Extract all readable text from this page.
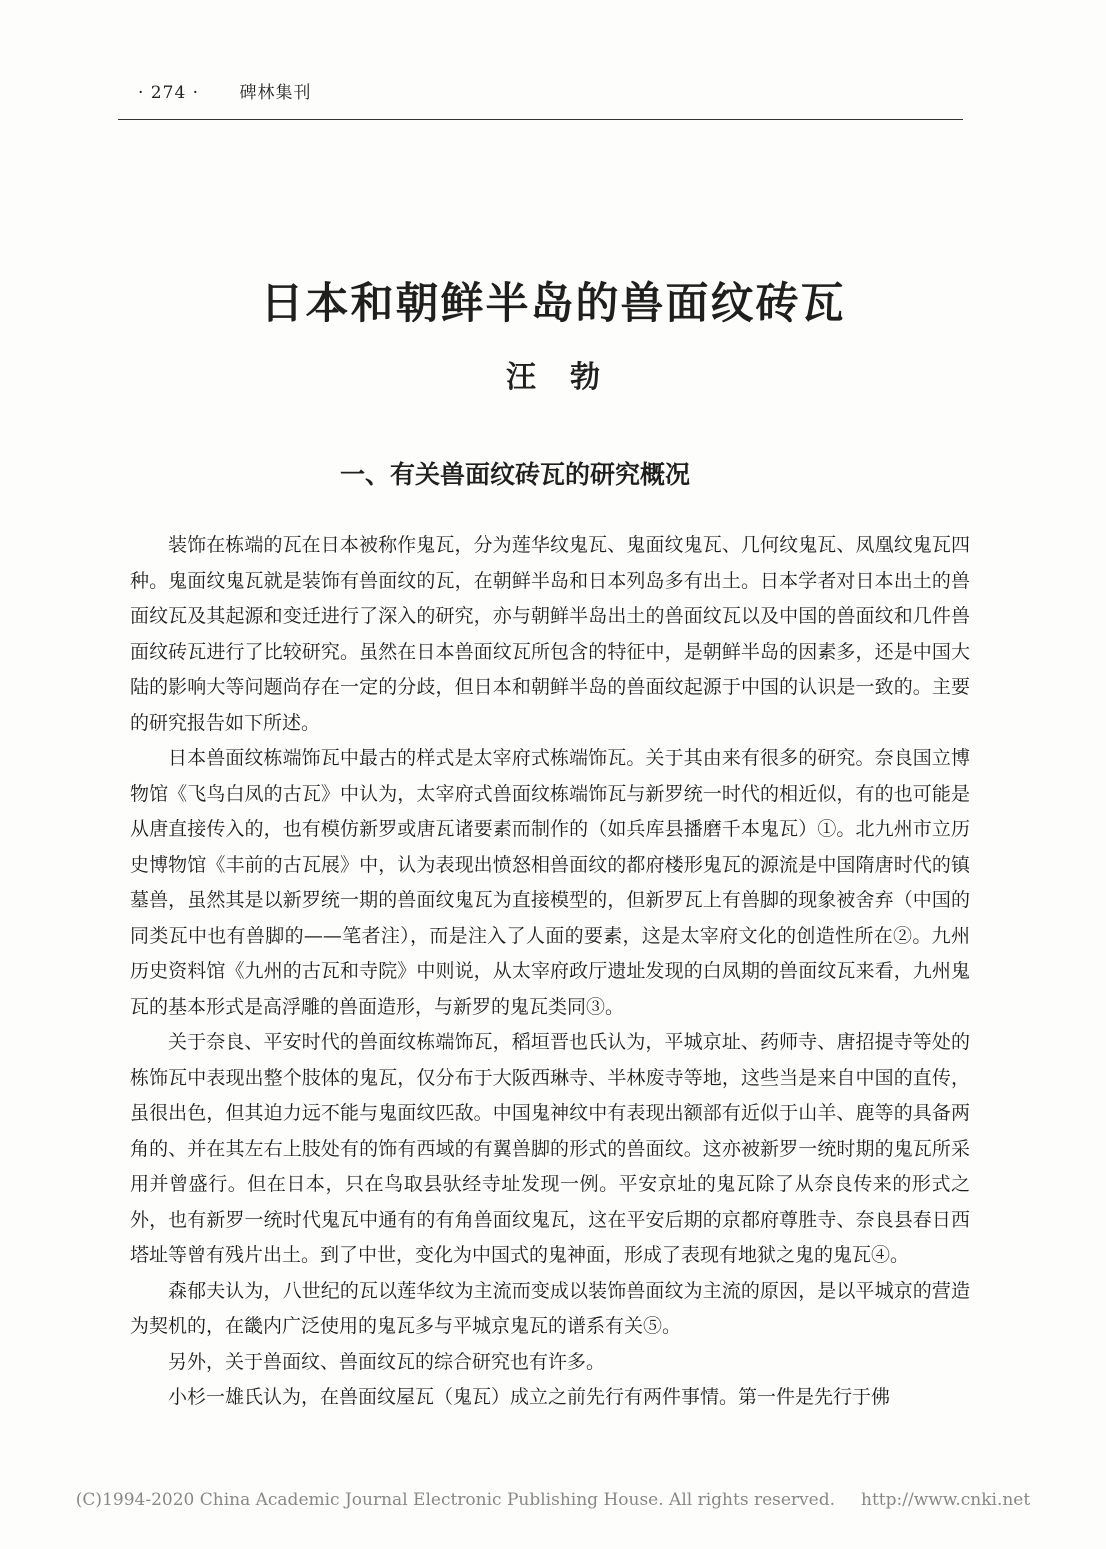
· 274 · 碑林集刊
日本和朝鲜半岛的兽面纹砖瓦
汪勃
一、有关兽面纹砖瓦的研究概况

装饰在栋端的瓦在日本被称作鬼瓦，分为莲华纹鬼瓦、鬼面纹鬼瓦、几何纹鬼瓦、凤凰纹鬼瓦四种。鬼面纹鬼瓦就是装饰有兽面纹的瓦，在朝鲜半岛和日本列岛多有出土。日本学者对日本出土的兽面纹瓦及其起源和变迁进行了深入的研究，亦与朝鲜半岛出土的兽面纹瓦以及中国的兽面纹和几件兽面纹砖瓦进行了比较研究。虽然在日本兽面纹瓦所包含的特征中，是朝鲜半岛的因素多，还是中国大陆的影响大等问题尚存在一定的分歧，但日本和朝鲜半岛的兽面纹起源于中国的认识是一致的。主要的研究报告如下所述。

日本兽面纹栋端饰瓦中最古的样式是太宰府式栋端饰瓦。关于其由来有很多的研究。奈良国立博物馆《飞鸟白凤的古瓦》中认为，太宰府式兽面纹栋端饰瓦与新罗统一时代的相近似，有的也可能是从唐直接传入的，也有模仿新罗或唐瓦诸要素而制作的（如兵库县播磨千本鬼瓦）①。北九州市立历史博物馆《丰前的古瓦展》中，认为表现出愤怒相兽面纹的都府楼形鬼瓦的源流是中国隋唐时代的镇墓兽，虽然其是以新罗统一期的兽面纹鬼瓦为直接模型的，但新罗瓦上有兽脚的现象被舍弃（中国的同类瓦中也有兽脚的——笔者注），而是注入了人面的要素，这是太宰府文化的创造性所在②。九州历史资料馆《九州的古瓦和寺院》中则说，从太宰府政厅遗址发现的白凤期的兽面纹瓦来看，九州鬼瓦的基本形式是高浮雕的兽面造形，与新罗的鬼瓦类同③。

关于奈良、平安时代的兽面纹栋端饰瓦，稻垣晋也氏认为，平城京址、药师寺、唐招提寺等处的栋饰瓦中表现出整个肢体的鬼瓦，仅分布于大阪西琳寺、半林废寺等地，这些当是来自中国的直传，虽很出色，但其迫力远不能与鬼面纹匹敌。中国鬼神纹中有表现出额部有近似于山羊、鹿等的具备两角的、并在其左右上肢处有的饰有西域的有翼兽脚的形式的兽面纹。这亦被新罗一统时期的鬼瓦所采用并曾盛行。但在日本，只在鸟取县驮经寺址发现一例。平安京址的鬼瓦除了从奈良传来的形式之外，也有新罗一统时代鬼瓦中通有的有角兽面纹鬼瓦，这在平安后期的京都府尊胜寺、奈良县春日西塔址等曾有残片出土。到了中世，变化为中国式的鬼神面，形成了表现有地狱之鬼的鬼瓦④。

森郁夫认为，八世纪的瓦以莲华纹为主流而变成以装饰兽面纹为主流的原因，是以平城京的营造为契机的，在畿内广泛使用的鬼瓦多与平城京鬼瓦的谱系有关⑤。

另外，关于兽面纹、兽面纹瓦的综合研究也有许多。

小杉一雄氏认为，在兽面纹屋瓦（鬼瓦）成立之前先行有两件事情。第一件是先行于佛

(C)1994-2020 China Academic Journal Electronic Publishing House. All rights reserved. http://www.cnki.net
